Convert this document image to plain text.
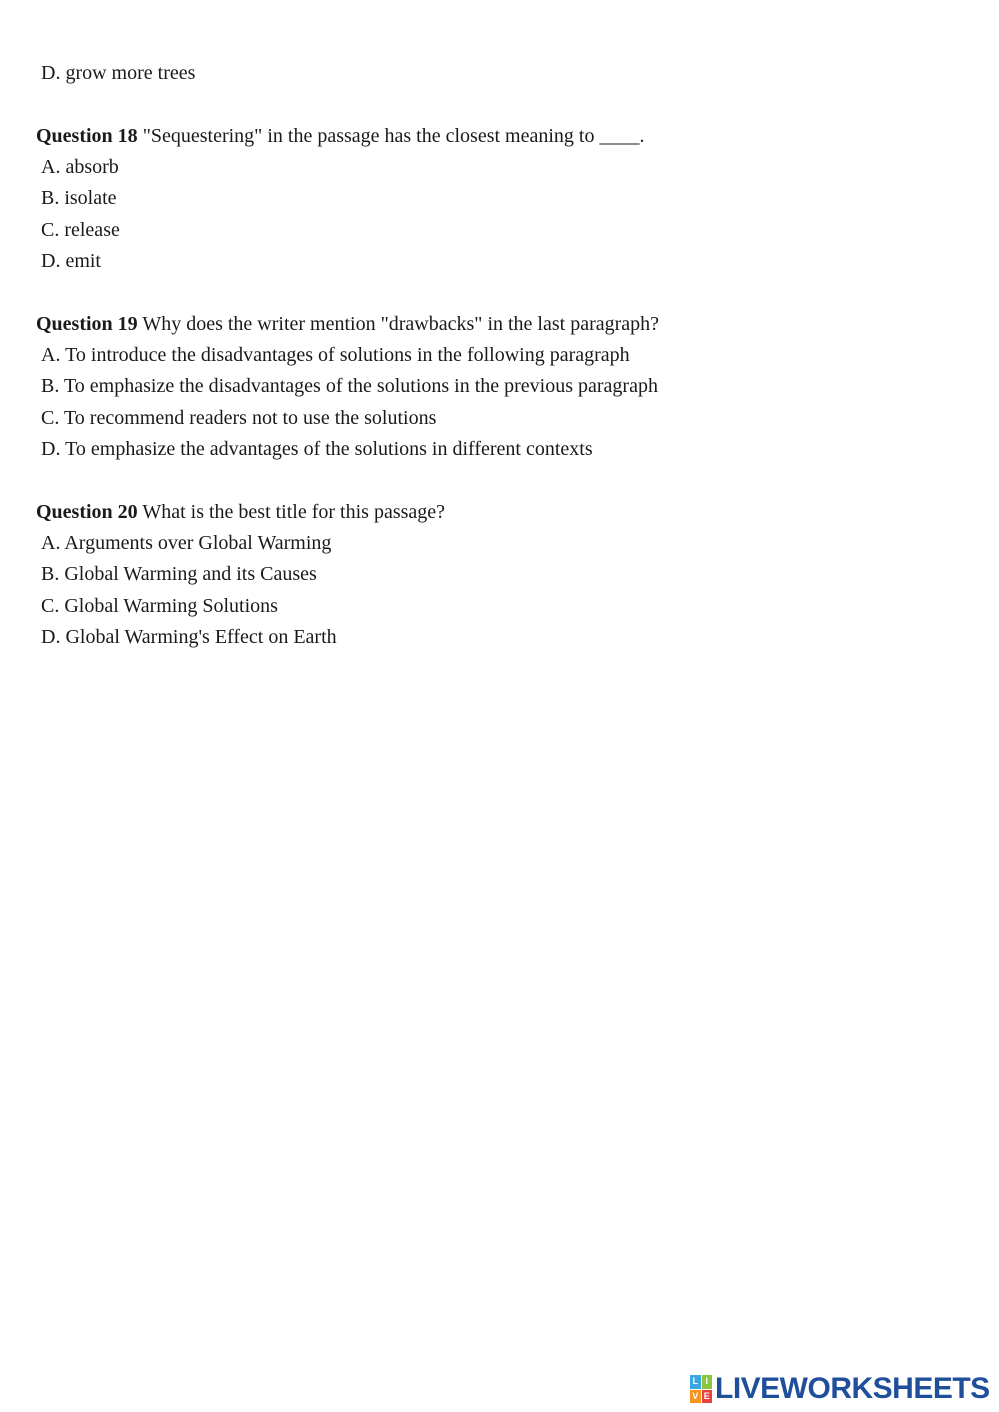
D. grow more trees
Question 18 "Sequestering" in the passage has the closest meaning to ____.
A. absorb
B. isolate
C. release
D. emit
Question 19 Why does the writer mention "drawbacks" in the last paragraph?
A. To introduce the disadvantages of solutions in the following paragraph
B. To emphasize the disadvantages of the solutions in the previous paragraph
C. To recommend readers not to use the solutions
D. To emphasize the advantages of the solutions in different contexts
Question 20 What is the best title for this passage?
A. Arguments over Global Warming
B. Global Warming and its Causes
C. Global Warming Solutions
D. Global Warming's Effect on Earth
L I
V E LIVEWORKSHEETS
